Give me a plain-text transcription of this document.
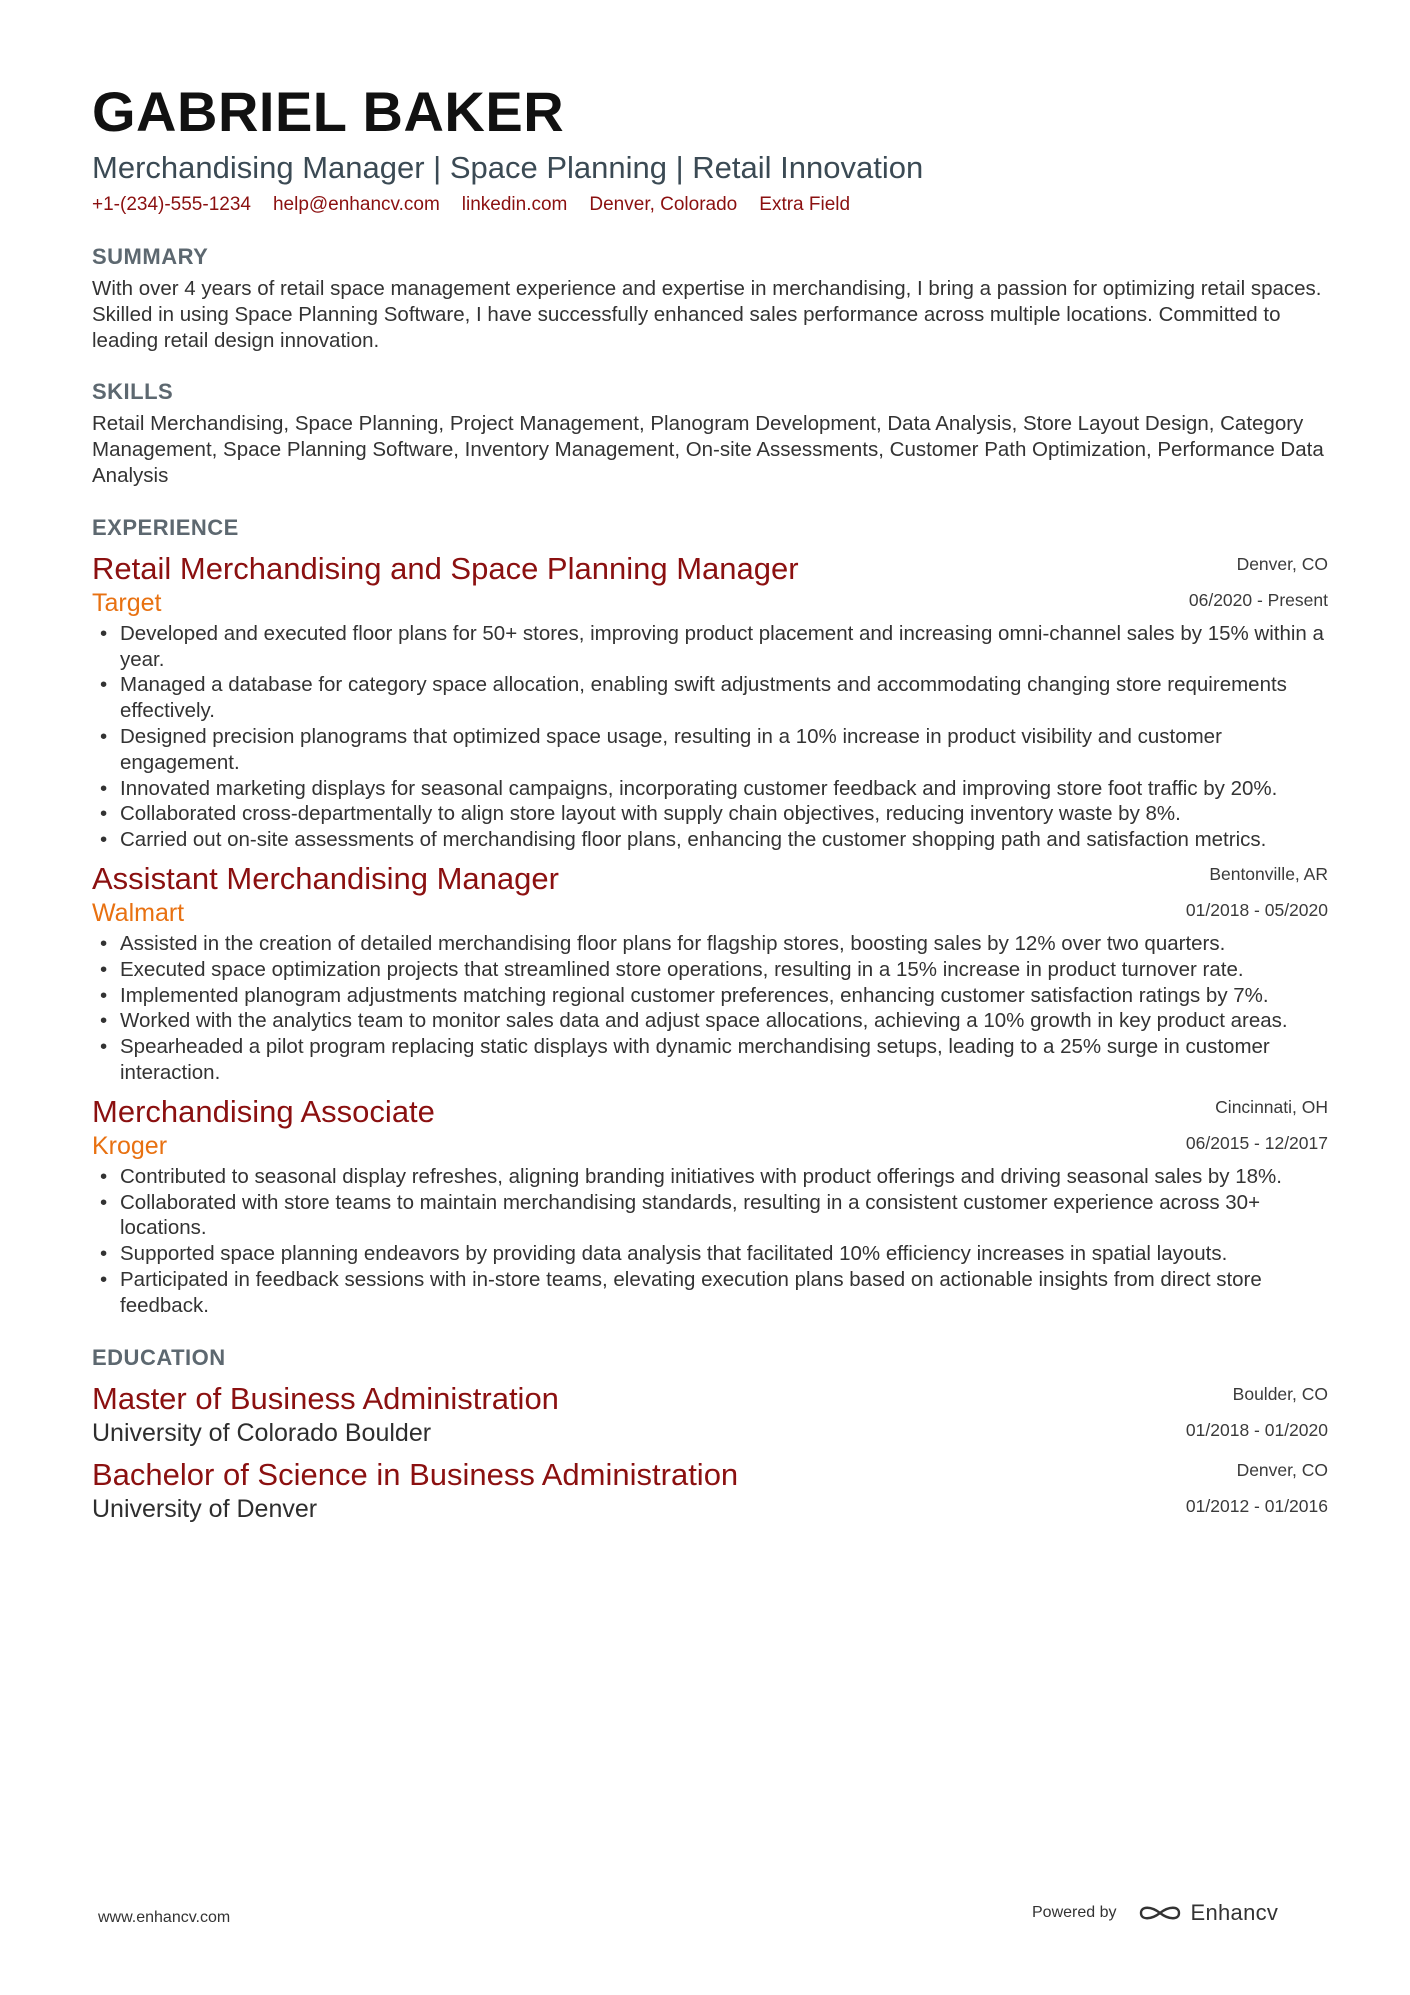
GABRIEL BAKER
Merchandising Manager | Space Planning | Retail Innovation
+1-(234)-555-1234 help@enhancv.com linkedin.com Denver, Colorado Extra Field
SUMMARY
With over 4 years of retail space management experience and expertise in merchandising, I bring a passion for optimizing retail spaces. Skilled in using Space Planning Software, I have successfully enhanced sales performance across multiple locations. Committed to leading retail design innovation.
SKILLS
Retail Merchandising, Space Planning, Project Management, Planogram Development, Data Analysis, Store Layout Design, Category Management, Space Planning Software, Inventory Management, On-site Assessments, Customer Path Optimization, Performance Data Analysis
EXPERIENCE
Retail Merchandising and Space Planning Manager
Target
Denver, CO
06/2020 - Present
• Developed and executed floor plans for 50+ stores, improving product placement and increasing omni-channel sales by 15% within a year.
• Managed a database for category space allocation, enabling swift adjustments and accommodating changing store requirements effectively.
• Designed precision planograms that optimized space usage, resulting in a 10% increase in product visibility and customer engagement.
• Innovated marketing displays for seasonal campaigns, incorporating customer feedback and improving store foot traffic by 20%.
• Collaborated cross-departmentally to align store layout with supply chain objectives, reducing inventory waste by 8%.
• Carried out on-site assessments of merchandising floor plans, enhancing the customer shopping path and satisfaction metrics.
Assistant Merchandising Manager
Walmart
Bentonville, AR
01/2018 - 05/2020
• Assisted in the creation of detailed merchandising floor plans for flagship stores, boosting sales by 12% over two quarters.
• Executed space optimization projects that streamlined store operations, resulting in a 15% increase in product turnover rate.
• Implemented planogram adjustments matching regional customer preferences, enhancing customer satisfaction ratings by 7%.
• Worked with the analytics team to monitor sales data and adjust space allocations, achieving a 10% growth in key product areas.
• Spearheaded a pilot program replacing static displays with dynamic merchandising setups, leading to a 25% surge in customer interaction.
Merchandising Associate
Kroger
Cincinnati, OH
06/2015 - 12/2017
• Contributed to seasonal display refreshes, aligning branding initiatives with product offerings and driving seasonal sales by 18%.
• Collaborated with store teams to maintain merchandising standards, resulting in a consistent customer experience across 30+ locations.
• Supported space planning endeavors by providing data analysis that facilitated 10% efficiency increases in spatial layouts.
• Participated in feedback sessions with in-store teams, elevating execution plans based on actionable insights from direct store feedback.
EDUCATION
Master of Business Administration
University of Colorado Boulder
Boulder, CO
01/2018 - 01/2020
Bachelor of Science in Business Administration
University of Denver
Denver, CO
01/2012 - 01/2016
www.enhancv.com	Powered by	Enhancv
